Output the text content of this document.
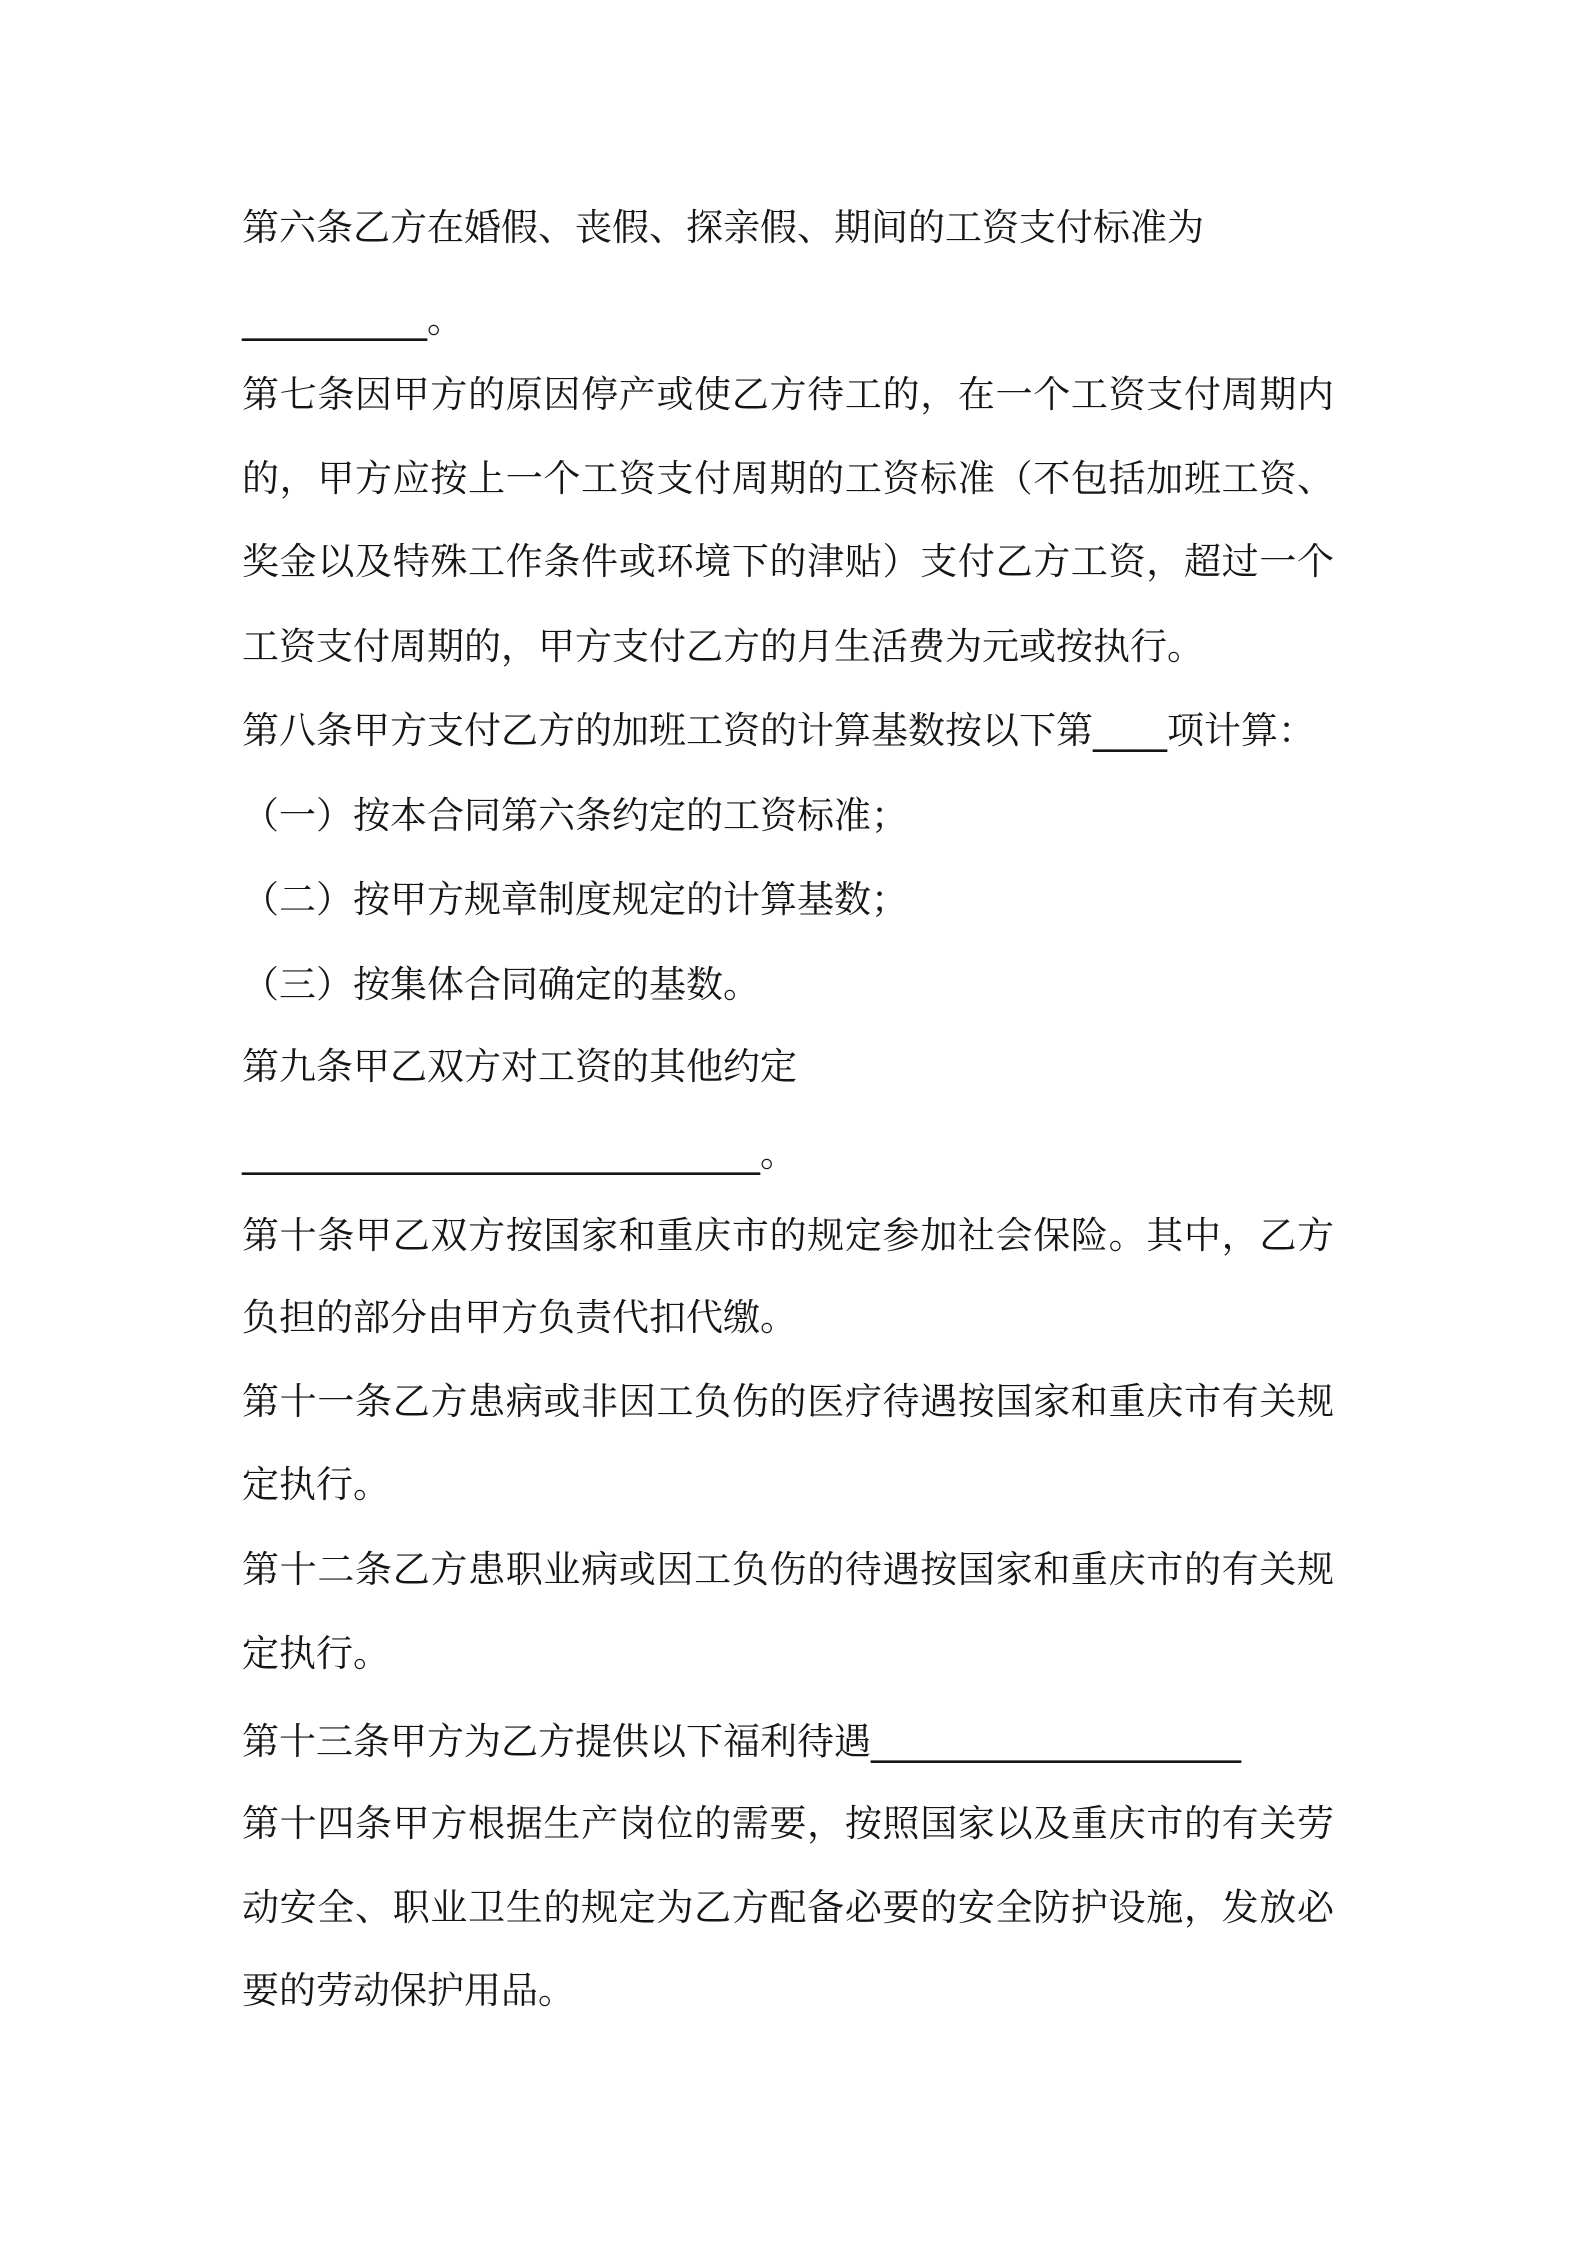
第六条乙方在婚假、丧假、探亲假、期间的工资支付标准为
__________。
第七条因甲方的原因停产或使乙方待工的，在一个工资支付周期内
的，甲方应按上一个工资支付周期的工资标准（不包括加班工资、
奖金以及特殊工作条件或环境下的津贴）支付乙方工资，超过一个
工资支付周期的，甲方支付乙方的月生活费为元或按执行。
第八条甲方支付乙方的加班工资的计算基数按以下第____项计算：
（一）按本合同第六条约定的工资标准；
（二）按甲方规章制度规定的计算基数；
（三）按集体合同确定的基数。
第九条甲乙双方对工资的其他约定
____________________________。
第十条甲乙双方按国家和重庆市的规定参加社会保险。其中，乙方
负担的部分由甲方负责代扣代缴。
第十一条乙方患病或非因工负伤的医疗待遇按国家和重庆市有关规
定执行。
第十二条乙方患职业病或因工负伤的待遇按国家和重庆市的有关规
定执行。
第十三条甲方为乙方提供以下福利待遇____________________
第十四条甲方根据生产岗位的需要，按照国家以及重庆市的有关劳
动安全、职业卫生的规定为乙方配备必要的安全防护设施，发放必
要的劳动保护用品。
